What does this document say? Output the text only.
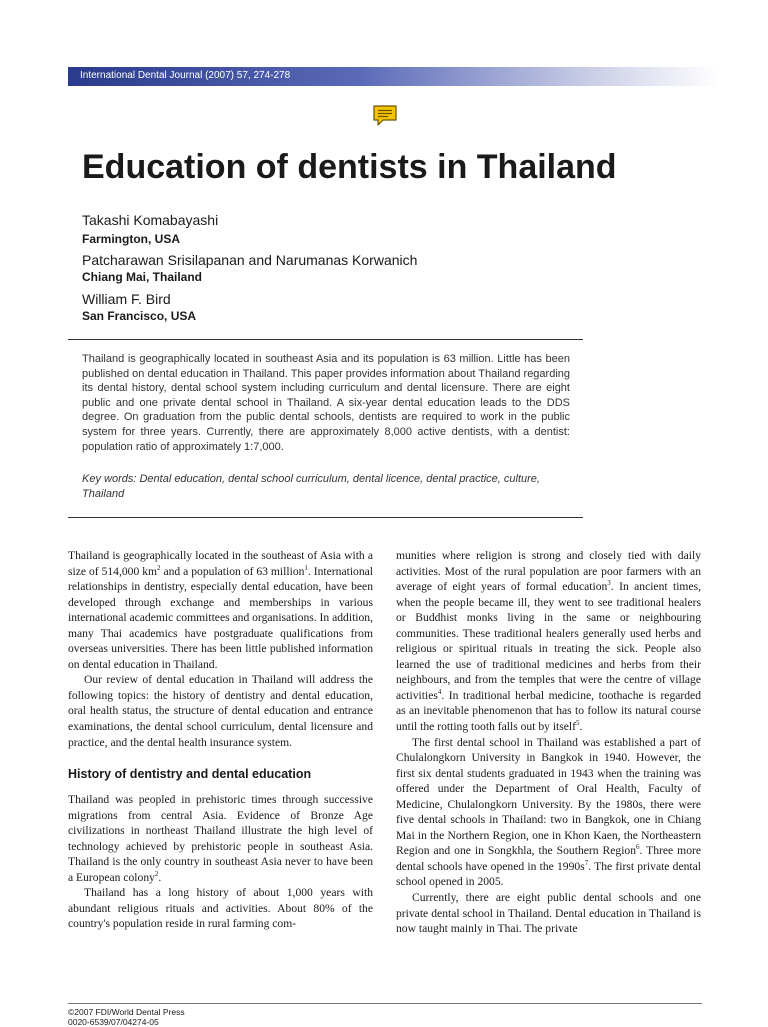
International Dental Journal (2007) 57, 274-278
Education of dentists in Thailand

Takashi Komabayashi

Farmington, USA

Patcharawan Srisilapanan and Narumanas Korwanich

Chiang Mai, Thailand

William F. Bird

San Francisco, USA

Thailand is geographically located in southeast Asia and its population is 63 million. Little has been published on dental education in Thailand. This paper provides information about Thailand regarding its dental history, dental school system including curriculum and dental licensure. There are eight public and one private dental school in Thailand. A six-year dental education leads to the DDS degree. On graduation from the public dental schools, dentists are required to work in the public system for three years. Currently, there are approximately 8,000 active dentists, with a dentist: population ratio of approximately 1:7,000.

Key words: Dental education, dental school curriculum, dental licence, dental practice, culture, Thailand

Thailand is geographically located in the southeast of Asia with a size of 514,000 $km^2$ and a population of 63 million$^1$. International relationships in dentistry, especially dental education, have been developed through exchange and memberships in various international academic committees and organisations. In addition, many Thai academics have postgraduate qualifications from overseas universities. There has been little published information on dental education in Thailand.

Our review of dental education in Thailand will address the following topics: the history of dentistry and dental education, oral health status, the structure of dental education and entrance examinations, the dental school curriculum, dental licensure and practice, and the dental health insurance system.

History of dentistry and dental education

Thailand was peopled in prehistoric times through successive migrations from central Asia. Evidence of Bronze Age civilizations in northeast Thailand illustrate the high level of technology achieved by prehistoric people in southeast Asia. Thailand is the only country in southeast Asia never to have been a European colony$^2$.

Thailand has a long history of about 1,000 years with abundant religious rituals and activities. About 80% of the country's population reside in rural farming com-

munities where religion is strong and closely tied with daily activities. Most of the rural population are poor farmers with an average of eight years of formal education$^3$. In ancient times, when the people became ill, they went to see traditional healers or Buddhist monks living in the same or neighbouring communities. These traditional healers generally used herbs and religious or spiritual rituals in treating the sick. People also learned the use of traditional medicines and herbs from their neighbours, and from the temples that were the centre of village activities$^4$. In traditional herbal medicine, toothache is regarded as an inevitable phenomenon that has to follow its natural course until the rotting tooth falls out by itself$^5$.

The first dental school in Thailand was established a part of Chulalongkorn University in Bangkok in 1940. However, the first six dental students graduated in 1943 when the training was offered under the Department of Oral Health, Faculty of Medicine, Chulalongkorn University. By the 1980s, there were five dental schools in Thailand: two in Bangkok, one in Chiang Mai in the Northern Region, one in Khon Kaen, the Northeastern Region and one in Songkhla, the Southern Region$^6$. Three more dental schools have opened in the $1990s^7$. The first private dental school opened in 2005.

Currently, there are eight public dental schools and one private dental school in Thailand. Dental education in Thailand is now taught mainly in Thai. The private

©2007 FDI/World Dental Press
0020-6539/07/04274-05
